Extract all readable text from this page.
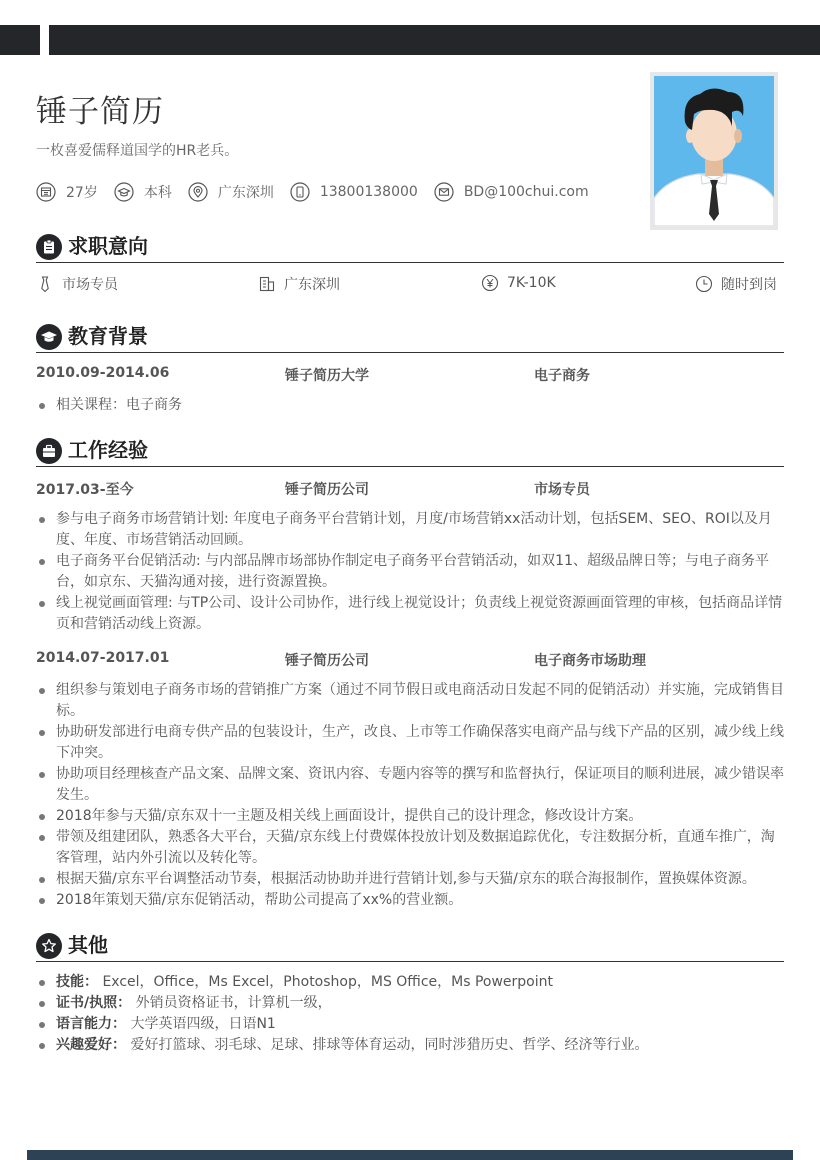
锤子简历
一枚喜爱儒释道国学的HR老兵。
27岁	本科	广东深圳	13800138000	BD@100chui.com
求职意向
市场专员	广东深圳	7K-10K	随时到岗
教育背景
2010.09-2014.06	锤子简历大学	电子商务
相关课程：电子商务
工作经验
2017.03-至今	锤子简历公司	市场专员
参与电子商务市场营销计划: 年度电子商务平台营销计划，月度/市场营销xx活动计划，包括SEM、SEO、ROI以及月度、年度、市场营销活动回顾。
电子商务平台促销活动: 与内部品牌市场部协作制定电子商务平台营销活动，如双11、超级品牌日等；与电子商务平台，如京东、天猫沟通对接，进行资源置换。
线上视觉画面管理: 与TP公司、设计公司协作，进行线上视觉设计；负责线上视觉资源画面管理的审核，包括商品详情页和营销活动线上资源。
2014.07-2017.01	锤子简历公司	电子商务市场助理
组织参与策划电子商务市场的营销推广方案（通过不同节假日或电商活动日发起不同的促销活动）并实施，完成销售目标。
协助研发部进行电商专供产品的包装设计，生产，改良、上市等工作确保落实电商产品与线下产品的区别，减少线上线下冲突。
协助项目经理核查产品文案、品牌文案、资讯内容、专题内容等的撰写和监督执行，保证项目的顺利进展，减少错误率发生。
2018年参与天猫/京东双十一主题及相关线上画面设计，提供自己的设计理念，修改设计方案。
带领及组建团队，熟悉各大平台，天猫/京东线上付费媒体投放计划及数据追踪优化，专注数据分析，直通车推广，淘客管理，站内外引流以及转化等。
根据天猫/京东平台调整活动节奏，根据活动协助并进行营销计划,参与天猫/京东的联合海报制作，置换媒体资源。
2018年策划天猫/京东促销活动，帮助公司提高了xx%的营业额。
其他
技能： Excel，Office，Ms Excel，Photoshop，MS Office，Ms Powerpoint
证书/执照： 外销员资格证书，计算机一级，
语言能力： 大学英语四级，日语N1
兴趣爱好： 爱好打篮球、羽毛球、足球、排球等体育运动，同时涉猎历史、哲学、经济等行业。
